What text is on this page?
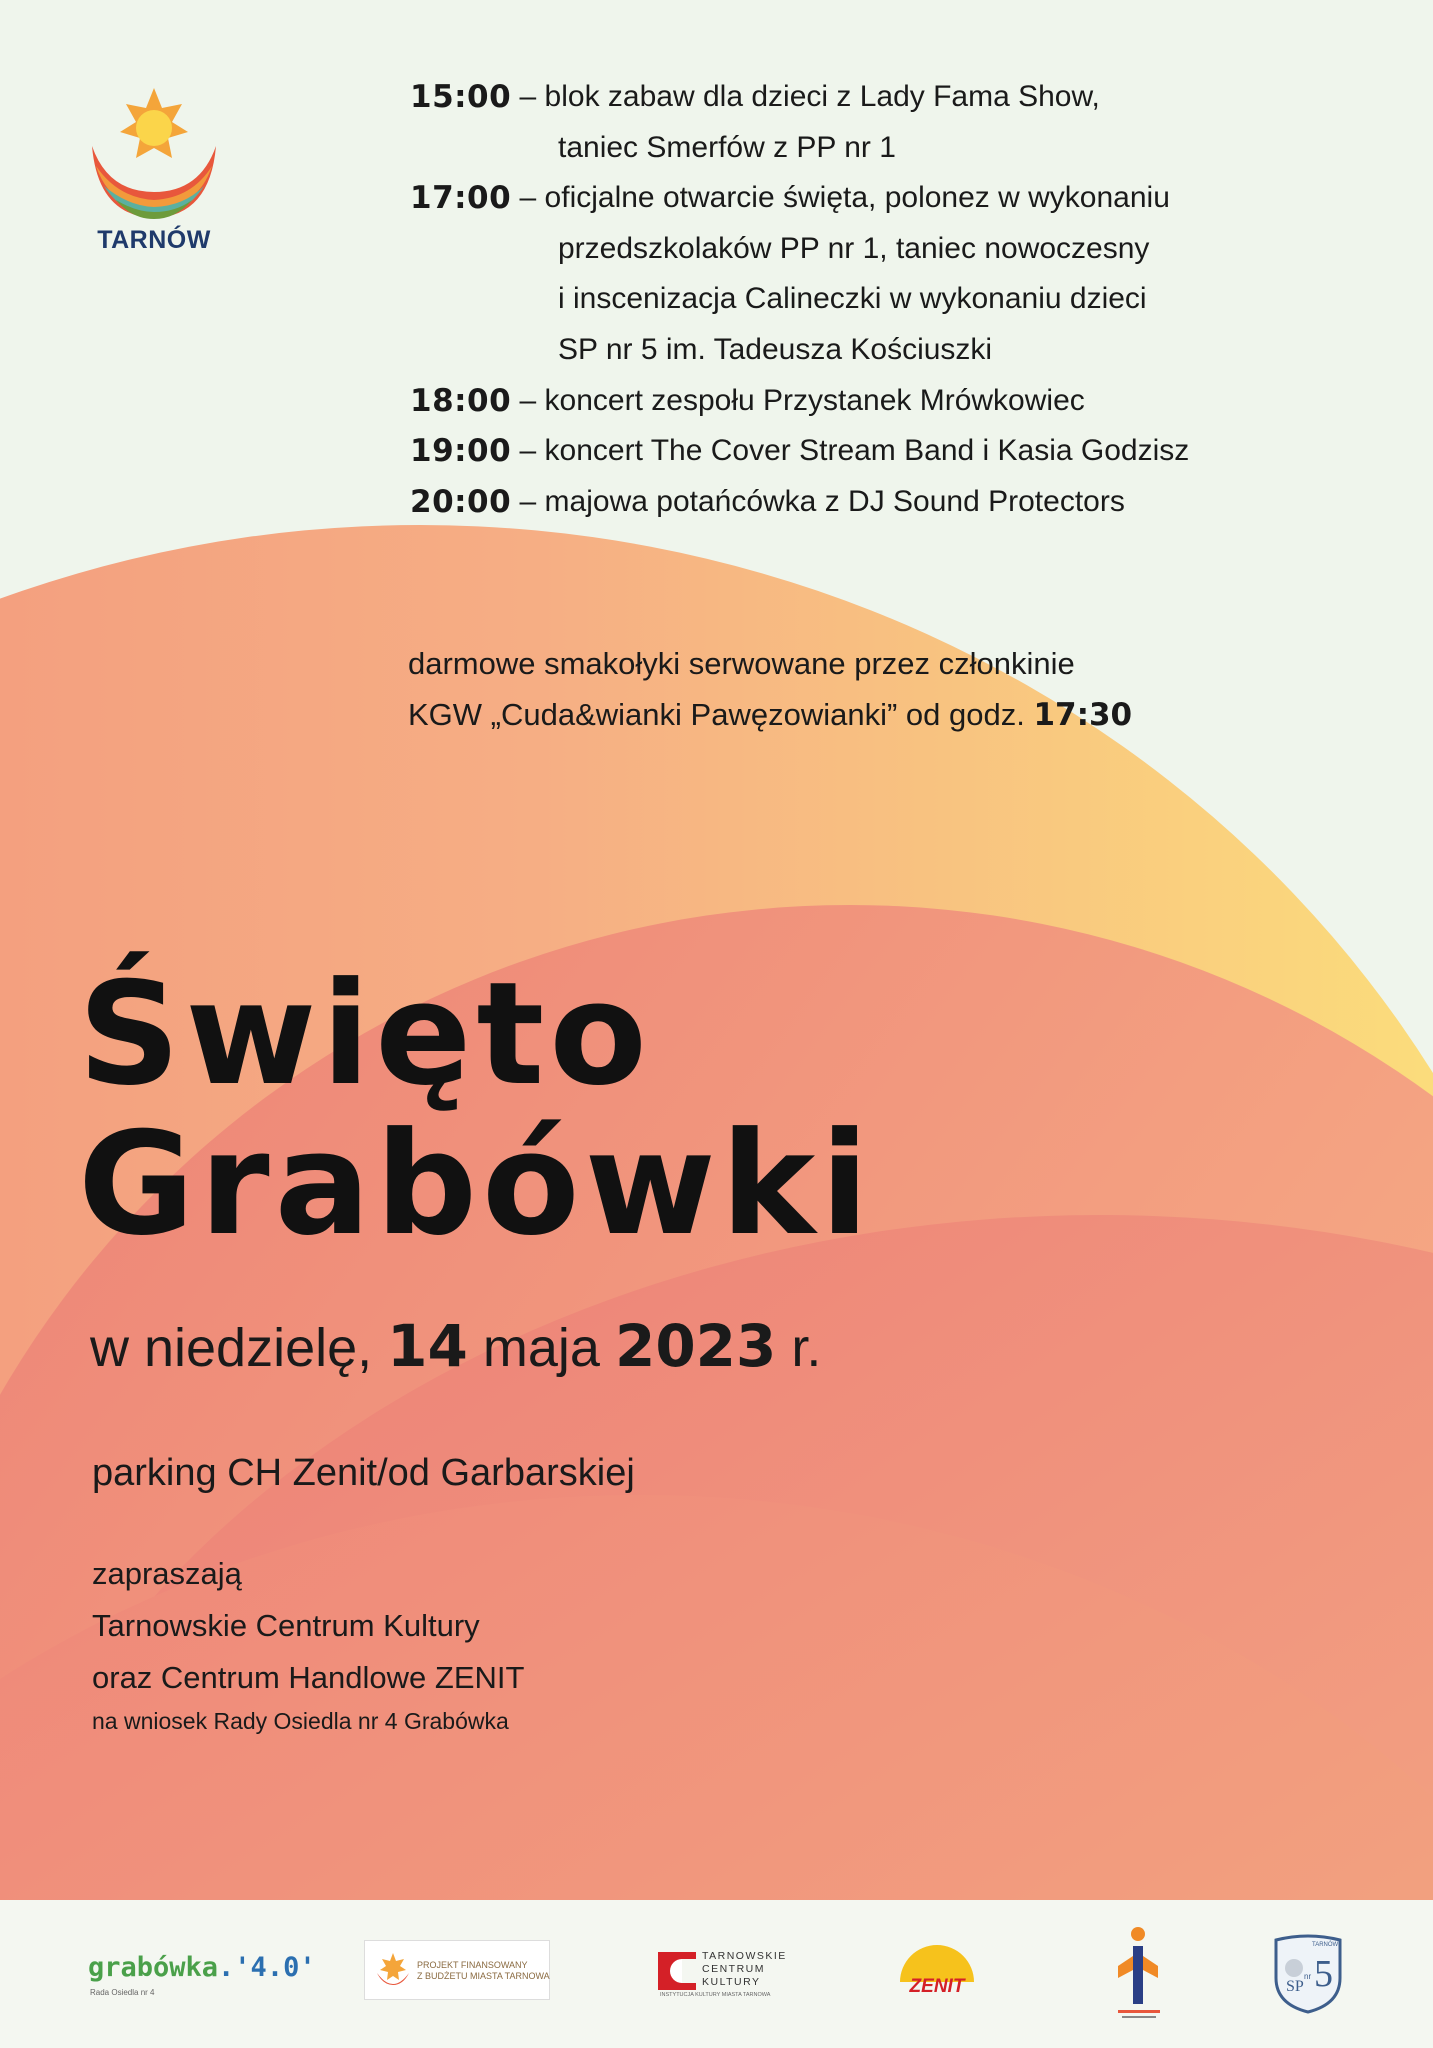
TARNÓW
15:00 – blok zabaw dla dzieci z Lady Fama Show,
taniec Smerfów z PP nr 1
17:00 – oficjalne otwarcie święta, polonez w wykonaniu
przedszkolaków PP nr 1, taniec nowoczesny
i inscenizacja Calineczki w wykonaniu dzieci
SP nr 5 im. Tadeusza Kościuszki
18:00 – koncert zespołu Przystanek Mrówkowiec
19:00 – koncert The Cover Stream Band i Kasia Godzisz
20:00 – majowa potańcówka z DJ Sound Protectors
darmowe smakołyki serwowane przez członkinie
KGW „Cuda&wianki Pawęzowianki” od godz. 17:30
Święto
Grabówki
w niedzielę, 14 maja 2023 r.
parking CH Zenit/od Garbarskiej
zapraszają
Tarnowskie Centrum Kultury
oraz Centrum Handlowe ZENIT
na wniosek Rady Osiedla nr 4 Grabówka
grabówka.'4.0'
Rada Osiedla nr 4
PROJEKT FINANSOWANY
Z BUDŻETU MIASTA TARNOWA
TARNOWSKIE
CENTRUM
KULTURY
INSTYTUCJA KULTURY MIASTA TARNOWA	ZENIT
TARNÓW
SP
nr 5
